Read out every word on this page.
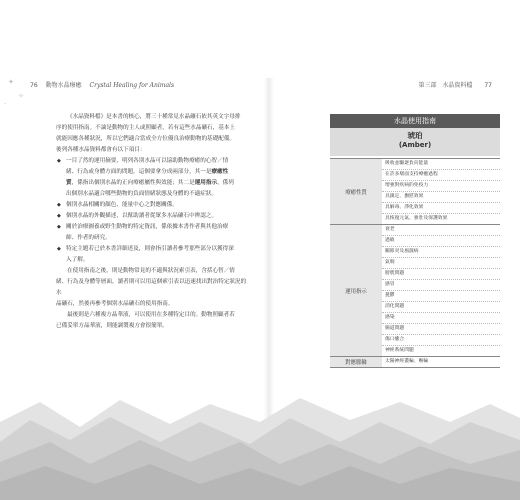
✦
✧
·
76 動物水晶療癒 Crystal Healing for Animals

《水晶資料檔》是本書的核心，將三十種常見水晶礦石依其英文字母排

序的使用指南。不論是動物的主人或照顧者，若有這些水晶礦石，基本上
就能因應各種狀況，所以它們適合當成全方位優良治療動物的基礎配備。
後列各種水晶資料都會有以下項目：
◆ 一目了然的運用摘要，明列各別水晶可以協助動物療癒的心智／情
緒、行為或身體方面的問題。這個要拿分成兩部分，其一是療癒性
質，係指出個別水晶的正向療癒屬性與效能；其二是運用指示，係列
出個別水晶適合哪些動物的負面情緒狀態及身體的不適症狀。
◆ 個別水晶相關的顏色、能量中心之對應關係。
◆ 個別水晶的外觀描述，以幫助讀者從眾多水晶礦石中辨認之。
◆ 關於治療圖養或野生動物的特定資訊，係依據本書作者與其他治療
師、作者的研究。
◆ 特定主題若已於本書詳細述及，則會指引讀者參考那些部分以獲得深
入了解。

在使用指南之後，則是動物常見的不適與狀況索引表，含括心智／情

緒、行為及身體等層面，讀者則可以用這個索引表以迅速找出對治特定狀況的水
晶礦石，然後再參考個別水晶礦石的使用指南。

最後則是六種複方晶華液，可以使用在多種特定目的。動物照顧者若

已備妥單方晶華液，則能調製複方會很簡單。
第三部 水晶資料檔 77
水晶使用指南
琥珀
(Amber)
療癒性質
吸收並驅逐負向能量
在許多層面支持療癒過程
增強對疾病的免疫力
具鎮定、撫慰效果
具解毒、淨化效果
具恢復元氣、強壯及保護效果
運用指示
衰老
過敏
關節炎及風濕病
氣喘
膀胱問題
感冒
憂鬱
消化問題
感染
腸道問題
傷口癒合
神經系統問題
對應脈輪	太陽神經叢輪、喉輪
